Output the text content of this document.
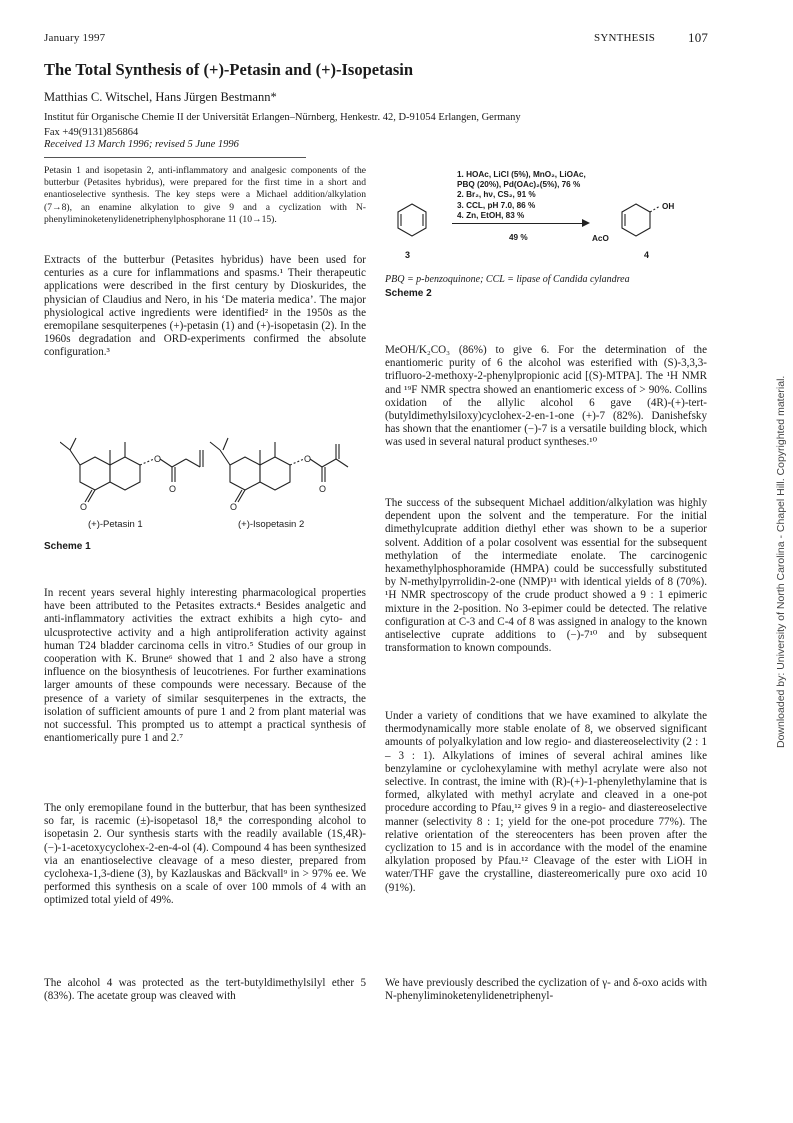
January 1997	SYNTHESIS	107
The Total Synthesis of (+)-Petasin and (+)-Isopetasin
Matthias C. Witschel, Hans Jürgen Bestmann*
Institut für Organische Chemie II der Universität Erlangen–Nürnberg, Henkestr. 42, D-91054 Erlangen, Germany
Fax +49(9131)856864
Received 13 March 1996; revised 5 June 1996
Petasin 1 and isopetasin 2, anti-inflammatory and analgesic components of the butterbur (Petasites hybridus), were prepared for the first time in a short and enantioselective synthesis. The key steps were a Michael addition/alkylation (7→8), an enamine alkylation to give 9 and a cyclization with N-phenyliminoketenylidenetriphenylphosphorane 11 (10→15).
Extracts of the butterbur (Petasites hybridus) have been used for centuries as a cure for inflammations and spasms.¹ Their therapeutic applications were described in the first century by Dioskurides, the physician of Claudius and Nero, in his ‘De materia medica’. The major physiological active ingredients were identified² in the 1950s as the eremopilane sesquiterpenes (+)-petasin (1) and (+)-isopetasin (2). In the 1960s degradation and ORD-experiments confirmed the absolute configuration.³
O
O
O
O
O
O
(+)-Petasin 1	(+)-Isopetasin 2
Scheme 1
In recent years several highly interesting pharmacological properties have been attributed to the Petasites extracts.⁴ Besides analgetic and anti-inflammatory activities the extract exhibits a high cyto- and ulcusprotective activity and a high antiproliferation activity against human T24 bladder carcinoma cells in vitro.⁵ Studies of our group in cooperation with K. Brune⁶ showed that 1 and 2 also have a strong influence on the biosynthesis of leucotrienes. For further examinations larger amounts of these compounds were necessary. Because of the presence of a variety of similar sesquiterpenes in the extracts, the isolation of sufficient amounts of pure 1 and 2 from plant material was not successful. This prompted us to attempt a practical synthesis of enantiomerically pure 1 and 2.⁷
The only eremopilane found in the butterbur, that has been synthesized so far, is racemic (±)-isopetasol 18,⁸ the corresponding alcohol to isopetasin 2. Our synthesis starts with the readily available (1S,4R)-(−)-1-acetoxycyclohex-2-en-4-ol (4). Compound 4 has been synthesized via an enantioselective cleavage of a meso diester, prepared from cyclohexa-1,3-diene (3), by Kazlauskas and Bäckvall⁹ in > 97% ee. We performed this synthesis on a scale of over 100 mmols of 4 with an optimized total yield of 49%.
The alcohol 4 was protected as the tert-butyldimethylsilyl ether 5 (83%). The acetate group was cleaved with
3
1. HOAc, LiCl (5%), MnO₂, LiOAc,
PBQ (20%), Pd(OAc)₂(5%), 76 %
2. Br₂, hν, CS₂, 91 %
3. CCL, pH 7.0, 86 %
4. Zn, EtOH, 83 %
49 %
OH
AcO
4
PBQ = p-benzoquinone; CCL = lipase of Candida cylandrea
Scheme 2
MeOH/K₂CO₃ (86%) to give 6. For the determination of the enantiomeric purity of 6 the alcohol was esterified with (S)-3,3,3-trifluoro-2-methoxy-2-phenylpropionic acid [(S)-MTPA]. The ¹H NMR and ¹⁹F NMR spectra showed an enantiomeric excess of > 90%. Collins oxidation of the allylic alcohol 6 gave (4R)-(+)-tert-(butyldimethylsiloxy)cyclohex-2-en-1-one (+)-7 (82%). Danishefsky has shown that the enantiomer (−)-7 is a versatile building block, which was used in several natural product syntheses.¹⁰
The success of the subsequent Michael addition/alkylation was highly dependent upon the solvent and the temperature. For the initial dimethylcuprate addition diethyl ether was shown to be a superior solvent. Addition of a polar cosolvent was essential for the subsequent methylation of the intermediate enolate. The carcinogenic hexamethylphosphoramide (HMPA) could be successfully substituted by N-methylpyrrolidin-2-one (NMP)¹¹ with identical yields of 8 (70%). ¹H NMR spectroscopy of the crude product showed a 9 : 1 epimeric mixture in the 2-position. No 3-epimer could be detected. The relative configuration at C-3 and C-4 of 8 was assigned in analogy to the known antiselective cuprate additions to (−)-7¹⁰ and by subsequent transformation to known compounds.
Under a variety of conditions that we have examined to alkylate the thermodynamically more stable enolate of 8, we observed significant amounts of polyalkylation and low regio- and diastereoselectivity (2 : 1 – 3 : 1). Alkylations of imines of several achiral amines like benzylamine or cyclohexylamine with methyl acrylate were also not selective. In contrast, the imine with (R)-(+)-1-phenylethylamine that is formed, alkylated with methyl acrylate and cleaved in a one-pot procedure according to Pfau,¹² gives 9 in a regio- and diastereoselective manner (selectivity 8 : 1; yield for the one-pot procedure 77%). The relative orientation of the stereocenters has been proven after the cyclization to 15 and is in accordance with the model of the enamine alkylation proposed by Pfau.¹² Cleavage of the ester with LiOH in water/THF gave the crystalline, diastereomerically pure oxo acid 10 (91%).
We have previously described the cyclization of γ- and δ-oxo acids with N-phenyliminoketenylidenetriphenyl-
Downloaded by: University of North Carolina - Chapel Hill. Copyrighted material.
